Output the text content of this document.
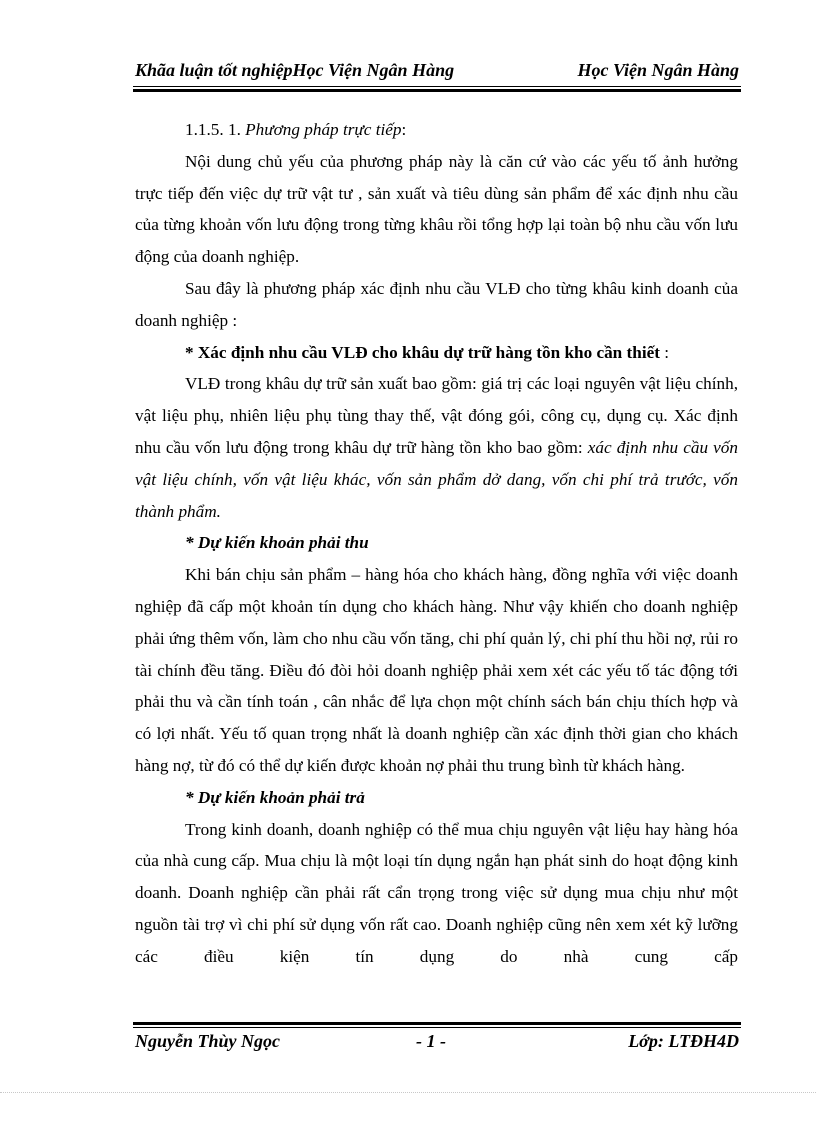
Khãa luận tốt nghiệpHọc Viện Ngân Hàng	Học Viện Ngân Hàng

1.1.5. 1. Phương pháp trực tiếp:

Nội dung chủ yếu của phương pháp này là căn cứ vào các yếu tố ảnh hưởng trực tiếp đến việc dự trữ vật tư , sản xuất và tiêu dùng sản phẩm để xác định nhu cầu của từng khoản vốn lưu động trong từng khâu rồi tổng hợp lại toàn bộ nhu cầu vốn lưu động của doanh nghiệp.

Sau đây là phương pháp xác định nhu cầu VLĐ cho từng khâu kinh doanh của doanh nghiệp :

* Xác định nhu cầu VLĐ cho khâu dự trữ hàng tồn kho cần thiết :

VLĐ trong khâu dự trữ sản xuất bao gồm: giá trị các loại nguyên vật liệu chính, vật liệu phụ, nhiên liệu phụ tùng thay thế, vật đóng gói, công cụ, dụng cụ. Xác định nhu cầu vốn lưu động trong khâu dự trữ hàng tồn kho bao gồm: xác định nhu cầu vốn vật liệu chính, vốn vật liệu khác, vốn sản phẩm dở dang, vốn chi phí trả trước, vốn thành phẩm.

* Dự kiến khoản phải thu

Khi bán chịu sản phẩm – hàng hóa cho khách hàng, đồng nghĩa với việc doanh nghiệp đã cấp một khoản tín dụng cho khách hàng. Như vậy khiến cho doanh nghiệp phải ứng thêm vốn, làm cho nhu cầu vốn tăng, chi phí quản lý, chi phí thu hồi nợ, rủi ro tài chính đều tăng. Điều đó đòi hỏi doanh nghiệp phải xem xét các yếu tố tác động tới phải thu và cần tính toán , cân nhắc để lựa chọn một chính sách bán chịu thích hợp và có lợi nhất. Yếu tố quan trọng nhất là doanh nghiệp cần xác định thời gian cho khách hàng nợ, từ đó có thể dự kiến được khoản nợ phải thu trung bình từ khách hàng.

* Dự kiến khoản phải trả

Trong kinh doanh, doanh nghiệp có thể mua chịu nguyên vật liệu hay hàng hóa của nhà cung cấp. Mua chịu là một loại tín dụng ngắn hạn phát sinh do hoạt động kinh doanh. Doanh nghiệp cần phải rất cẩn trọng trong việc sử dụng mua chịu như một nguồn tài trợ vì chi phí sử dụng vốn rất cao. Doanh nghiệp cũng nên xem xét kỹ lưỡng các điều kiện tín dụng do nhà cung cấp

Nguyễn Thùy Ngọc	- 1 -	Lớp: LTĐH4D
